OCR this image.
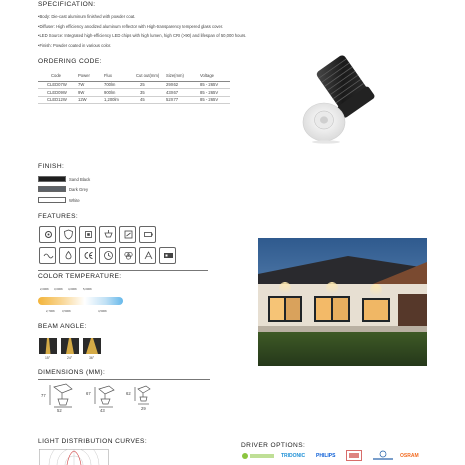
SPECIFICATION:
• Body: Die-cast aluminum finished with powder coat.
• Diffuser: High efficiency anodized aluminum reflector with High-transparency tempered glass cover.
• LED Source: Integrated high-efficiency LED chips with high lumen, high CRI (>90) and lifespan of 50,000 hours.
• Finish: Powder coated in various color.
ORDERING CODE:
Code	Power	Flux	Cut out(mm)	Size(mm)	Voltage
CLED07W	7W	700lm	25	29X62	85 - 265V
CLED09W	9W	900lm	35	43X67	85 - 265V
CLED12W	12W	1,200lm	45	52X77	85 - 265V
FINISH:
Sand Black
Dark Grey
White
FEATURES:
COLOR TEMPERATURE:
2,000K 3,000K 4,000K 5,000K
2,700K	3,500K	4,500K
BEAM ANGLE:
15°	24°	36°
DIMENSIONS (MM):
77
52
67
43
62
29
LIGHT DISTRIBUTION CURVES:
DRIVER OPTIONS:
TRIDONIC PHILIPS	OSRAM
